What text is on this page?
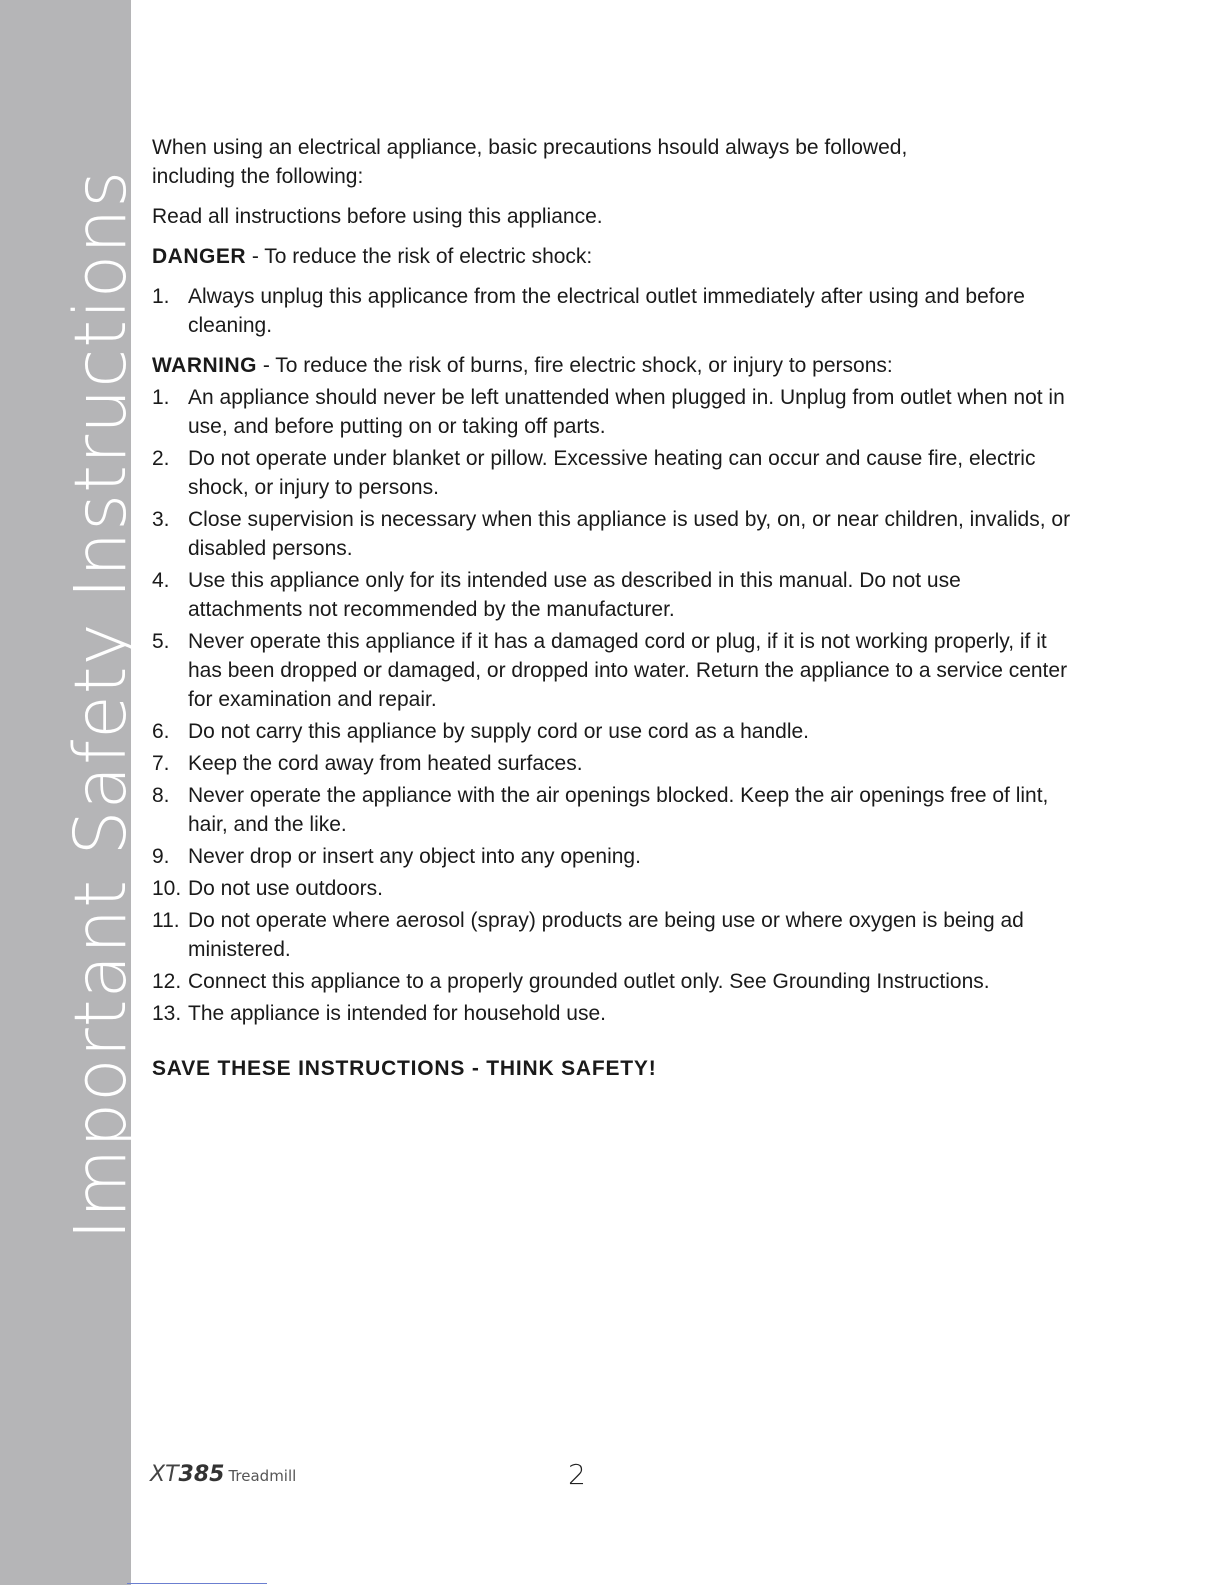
Important Safety Instructions

When using an electrical appliance, basic precautions hsould always be followed,
including the following:

Read all instructions before using this appliance.

DANGER - To reduce the risk of electric shock:

1. Always unplug this applicance from the electrical outlet immediately after using and before cleaning.

WARNING - To reduce the risk of burns, fire electric shock, or injury to persons:

1. An appliance should never be left unattended when plugged in. Unplug from outlet when not in use, and before putting on or taking off parts.
2. Do not operate under blanket or pillow. Excessive heating can occur and cause fire, electric shock, or injury to persons.
3. Close supervision is necessary when this appliance is used by, on, or near children, invalids, or disabled persons.
4. Use this appliance only for its intended use as described in this manual. Do not use attachments not recommended by the manufacturer.
5. Never operate this appliance if it has a damaged cord or plug, if it is not working properly, if it has been dropped or damaged, or dropped into water. Return the appliance to a service center for examination and repair.
6. Do not carry this appliance by supply cord or use cord as a handle.
7. Keep the cord away from heated surfaces.
8. Never operate the appliance with the air openings blocked. Keep the air openings free of lint, hair, and the like.
9. Never drop or insert any object into any opening.
10. Do not use outdoors.
11. Do not operate where aerosol (spray) products are being use or where oxygen is being ad ministered.
12. Connect this appliance to a properly grounded outlet only. See Grounding Instructions.
13. The appliance is intended for household use.

SAVE THESE INSTRUCTIONS - THINK SAFETY!

XT385 Treadmill	2
